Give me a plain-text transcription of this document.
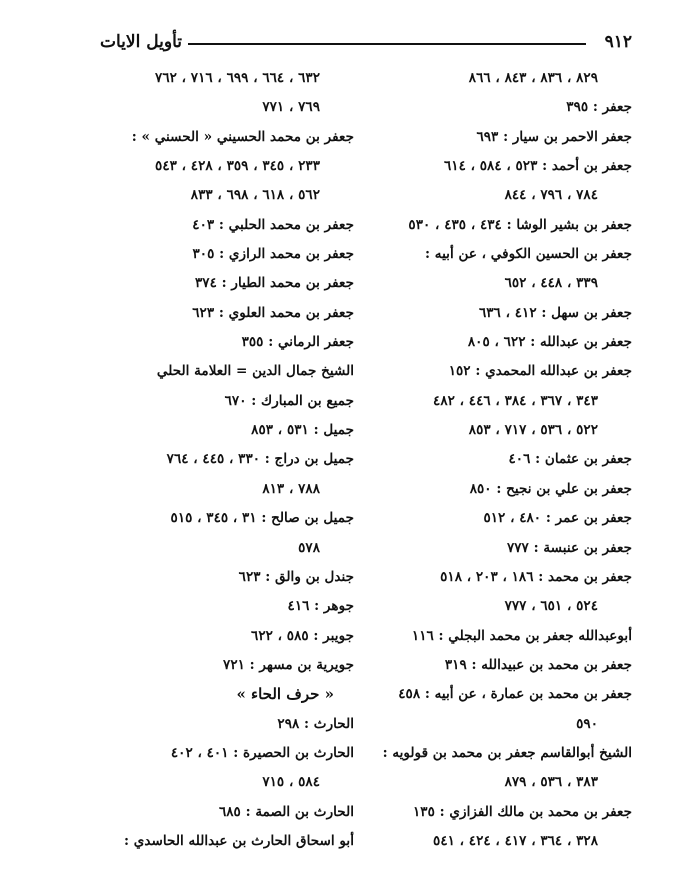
تأويل الايات	٩١٢
٨٢٩ ، ٨٣٦ ، ٨٤٣ ، ٨٦٦
جعفر : ٣٩٥
جعفر الاحمر بن سيار : ٦٩٣
جعفر بن أحمد : ٥٢٣ ، ٥٨٤ ، ٦١٤
٧٨٤ ، ٧٩٦ ، ٨٤٤
جعفر بن بشير الوشا : ٤٣٤ ، ٤٣٥ ، ٥٣٠
جعفر بن الحسين الكوفي ، عن أبيه :
٣٣٩ ، ٤٤٨ ، ٦٥٢
جعفر بن سهل : ٤١٢ ، ٦٣٦
جعفر بن عبدالله : ٦٢٢ ، ٨٠٥
جعفر بن عبدالله المحمدي : ١٥٢
٣٤٣ ، ٣٦٧ ، ٣٨٤ ، ٤٤٦ ، ٤٨٢
٥٢٢ ، ٥٣٦ ، ٧١٧ ، ٨٥٣
جعفر بن عثمان : ٤٠٦
جعفر بن علي بن نجيح : ٨٥٠
جعفر بن عمر : ٤٨٠ ، ٥١٢
جعفر بن عنبسة : ٧٧٧
جعفر بن محمد : ١٨٦ ، ٢٠٣ ، ٥١٨
٥٢٤ ، ٦٥١ ، ٧٧٧
أبوعبدالله جعفر بن محمد البجلي : ١١٦
جعفر بن محمد بن عبيدالله : ٣١٩
جعفر بن محمد بن عمارة ، عن أبيه : ٤٥٨
٥٩٠
الشيخ أبوالقاسم جعفر بن محمد بن قولويه :
٣٨٣ ، ٥٣٦ ، ٨٧٩
جعفر بن محمد بن مالك الفزازي : ١٣٥
٣٢٨ ، ٣٦٤ ، ٤١٧ ، ٤٢٤ ، ٥٤١
٦٣٢ ، ٦٦٤ ، ٦٩٩ ، ٧١٦ ، ٧٦٢
٧٦٩ ، ٧٧١
جعفر بن محمد الحسيني « الحسني » :
٢٣٣ ، ٣٤٥ ، ٣٥٩ ، ٤٢٨ ، ٥٤٣
٥٦٢ ، ٦١٨ ، ٦٩٨ ، ٨٣٣
جعفر بن محمد الحلبي : ٤٠٣
جعفر بن محمد الرازي : ٣٠٥
جعفر بن محمد الطيار : ٣٧٤
جعفر بن محمد العلوي : ٦٢٣
جعفر الرماني : ٣٥٥
الشيخ جمال الدين = العلامة الحلي
جميع بن المبارك : ٦٧٠
جميل : ٥٣١ ، ٨٥٣
جميل بن دراج : ٣٣٠ ، ٤٤٥ ، ٧٦٤
٧٨٨ ، ٨١٣
جميل بن صالح : ٣١ ، ٣٤٥ ، ٥١٥
٥٧٨
جندل بن والق : ٦٢٣
جوهر : ٤١٦
جويبر : ٥٨٥ ، ٦٢٢
جويرية بن مسهر : ٧٢١
« حرف الحاء »
الحارث : ٢٩٨
الحارث بن الحصيرة : ٤٠١ ، ٤٠٢
٥٨٤ ، ٧١٥
الحارث بن الصمة : ٦٨٥
أبو اسحاق الحارث بن عبدالله الحاسدي :
